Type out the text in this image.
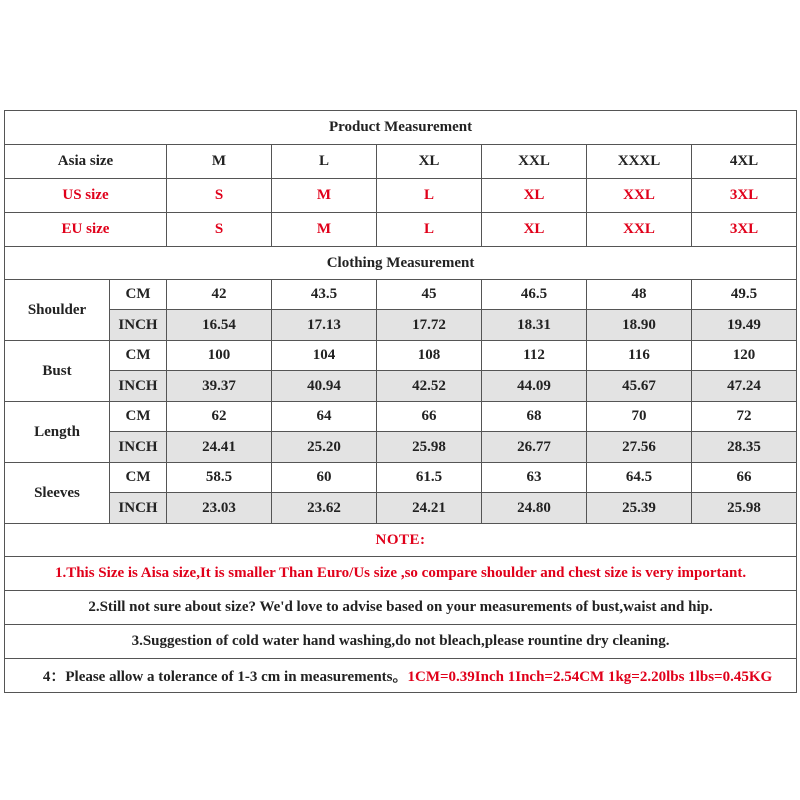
Product Measurement							
Asia size		M	L	XL	XXL	XXXL	4XL
US size		S	M	L	XL	XXL	3XL
EU size		S	M	L	XL	XXL	3XL
Clothing Measurement							
Shoulder	CM	42	43.5	45	46.5	48	49.5
	INCH	16.54	17.13	17.72	18.31	18.90	19.49
Bust	CM	100	104	108	112	116	120
	INCH	39.37	40.94	42.52	44.09	45.67	47.24
Length	CM	62	64	66	68	70	72
	INCH	24.41	25.20	25.98	26.77	27.56	28.35
Sleeves	CM	58.5	60	61.5	63	64.5	66
	INCH	23.03	23.62	24.21	24.80	25.39	25.98
NOTE:							
1.This Size is Aisa size,It is smaller Than Euro/Us size ,so compare shoulder and chest size is very important.							
2.Still not sure about size? We'd love to advise based on your measurements of bust,waist and hip.							
3.Suggestion of cold water hand washing,do not bleach,please rountine dry cleaning.							
4：Please allow a tolerance of 1-3 cm in measurements。1CM=0.39Inch 1Inch=2.54CM 1kg=2.20lbs 1lbs=0.45KG							
